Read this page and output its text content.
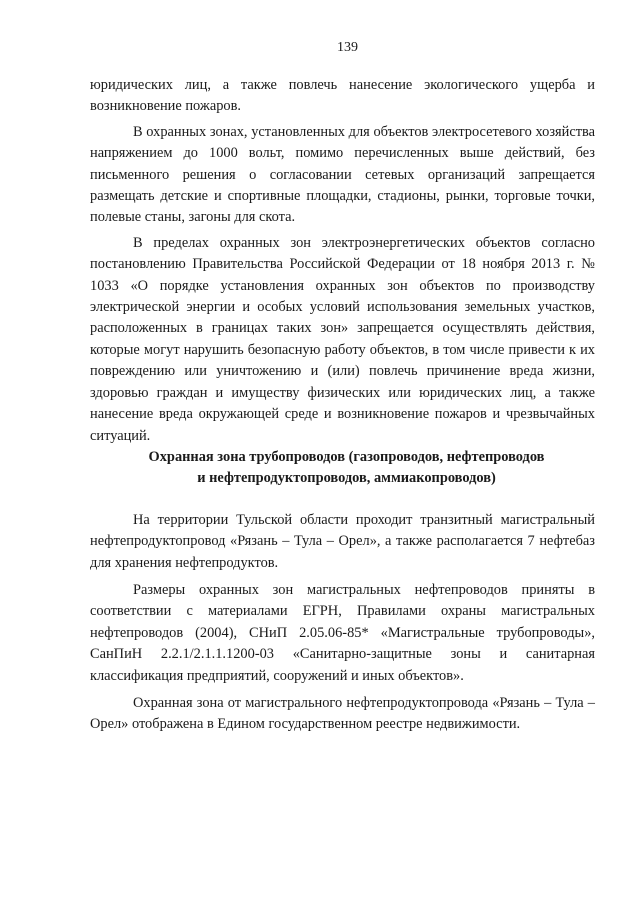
139

юридических лиц, а также повлечь нанесение экологического ущерба и возникновение пожаров.

В охранных зонах, установленных для объектов электросетевого хозяйства напряжением до 1000 вольт, помимо перечисленных выше действий, без письменного решения о согласовании сетевых организаций запрещается размещать детские и спортивные площадки, стадионы, рынки, торговые точки, полевые станы, загоны для скота.

В пределах охранных зон электроэнергетических объектов согласно постановлению Правительства Российской Федерации от 18 ноября 2013 г. № 1033 «О порядке установления охранных зон объектов по производству электрической энергии и особых условий использования земельных участков, расположенных в границах таких зон» запрещается осуществлять действия, которые могут нарушить безопасную работу объектов, в том числе привести к их повреждению или уничтожению и (или) повлечь причинение вреда жизни, здоровью граждан и имуществу физических или юридических лиц, а также нанесение вреда окружающей среде и возникновение пожаров и чрезвычайных ситуаций.

Охранная зона трубопроводов (газопроводов, нефтепроводов
и нефтепродуктопроводов, аммиакопроводов)

На территории Тульской области проходит транзитный магистральный нефтепродуктопровод «Рязань – Тула – Орел», а также располагается 7 нефтебаз для хранения нефтепродуктов.

Размеры охранных зон магистральных нефтепроводов приняты в соответствии с материалами ЕГРН, Правилами охраны магистральных нефтепроводов (2004), СНиП 2.05.06-85* «Магистральные трубопроводы», СанПиН 2.2.1/2.1.1.1200-03 «Санитарно-защитные зоны и санитарная классификация предприятий, сооружений и иных объектов».

Охранная зона от магистрального нефтепродуктопровода «Рязань – Тула – Орел» отображена в Едином государственном реестре недвижимости.
